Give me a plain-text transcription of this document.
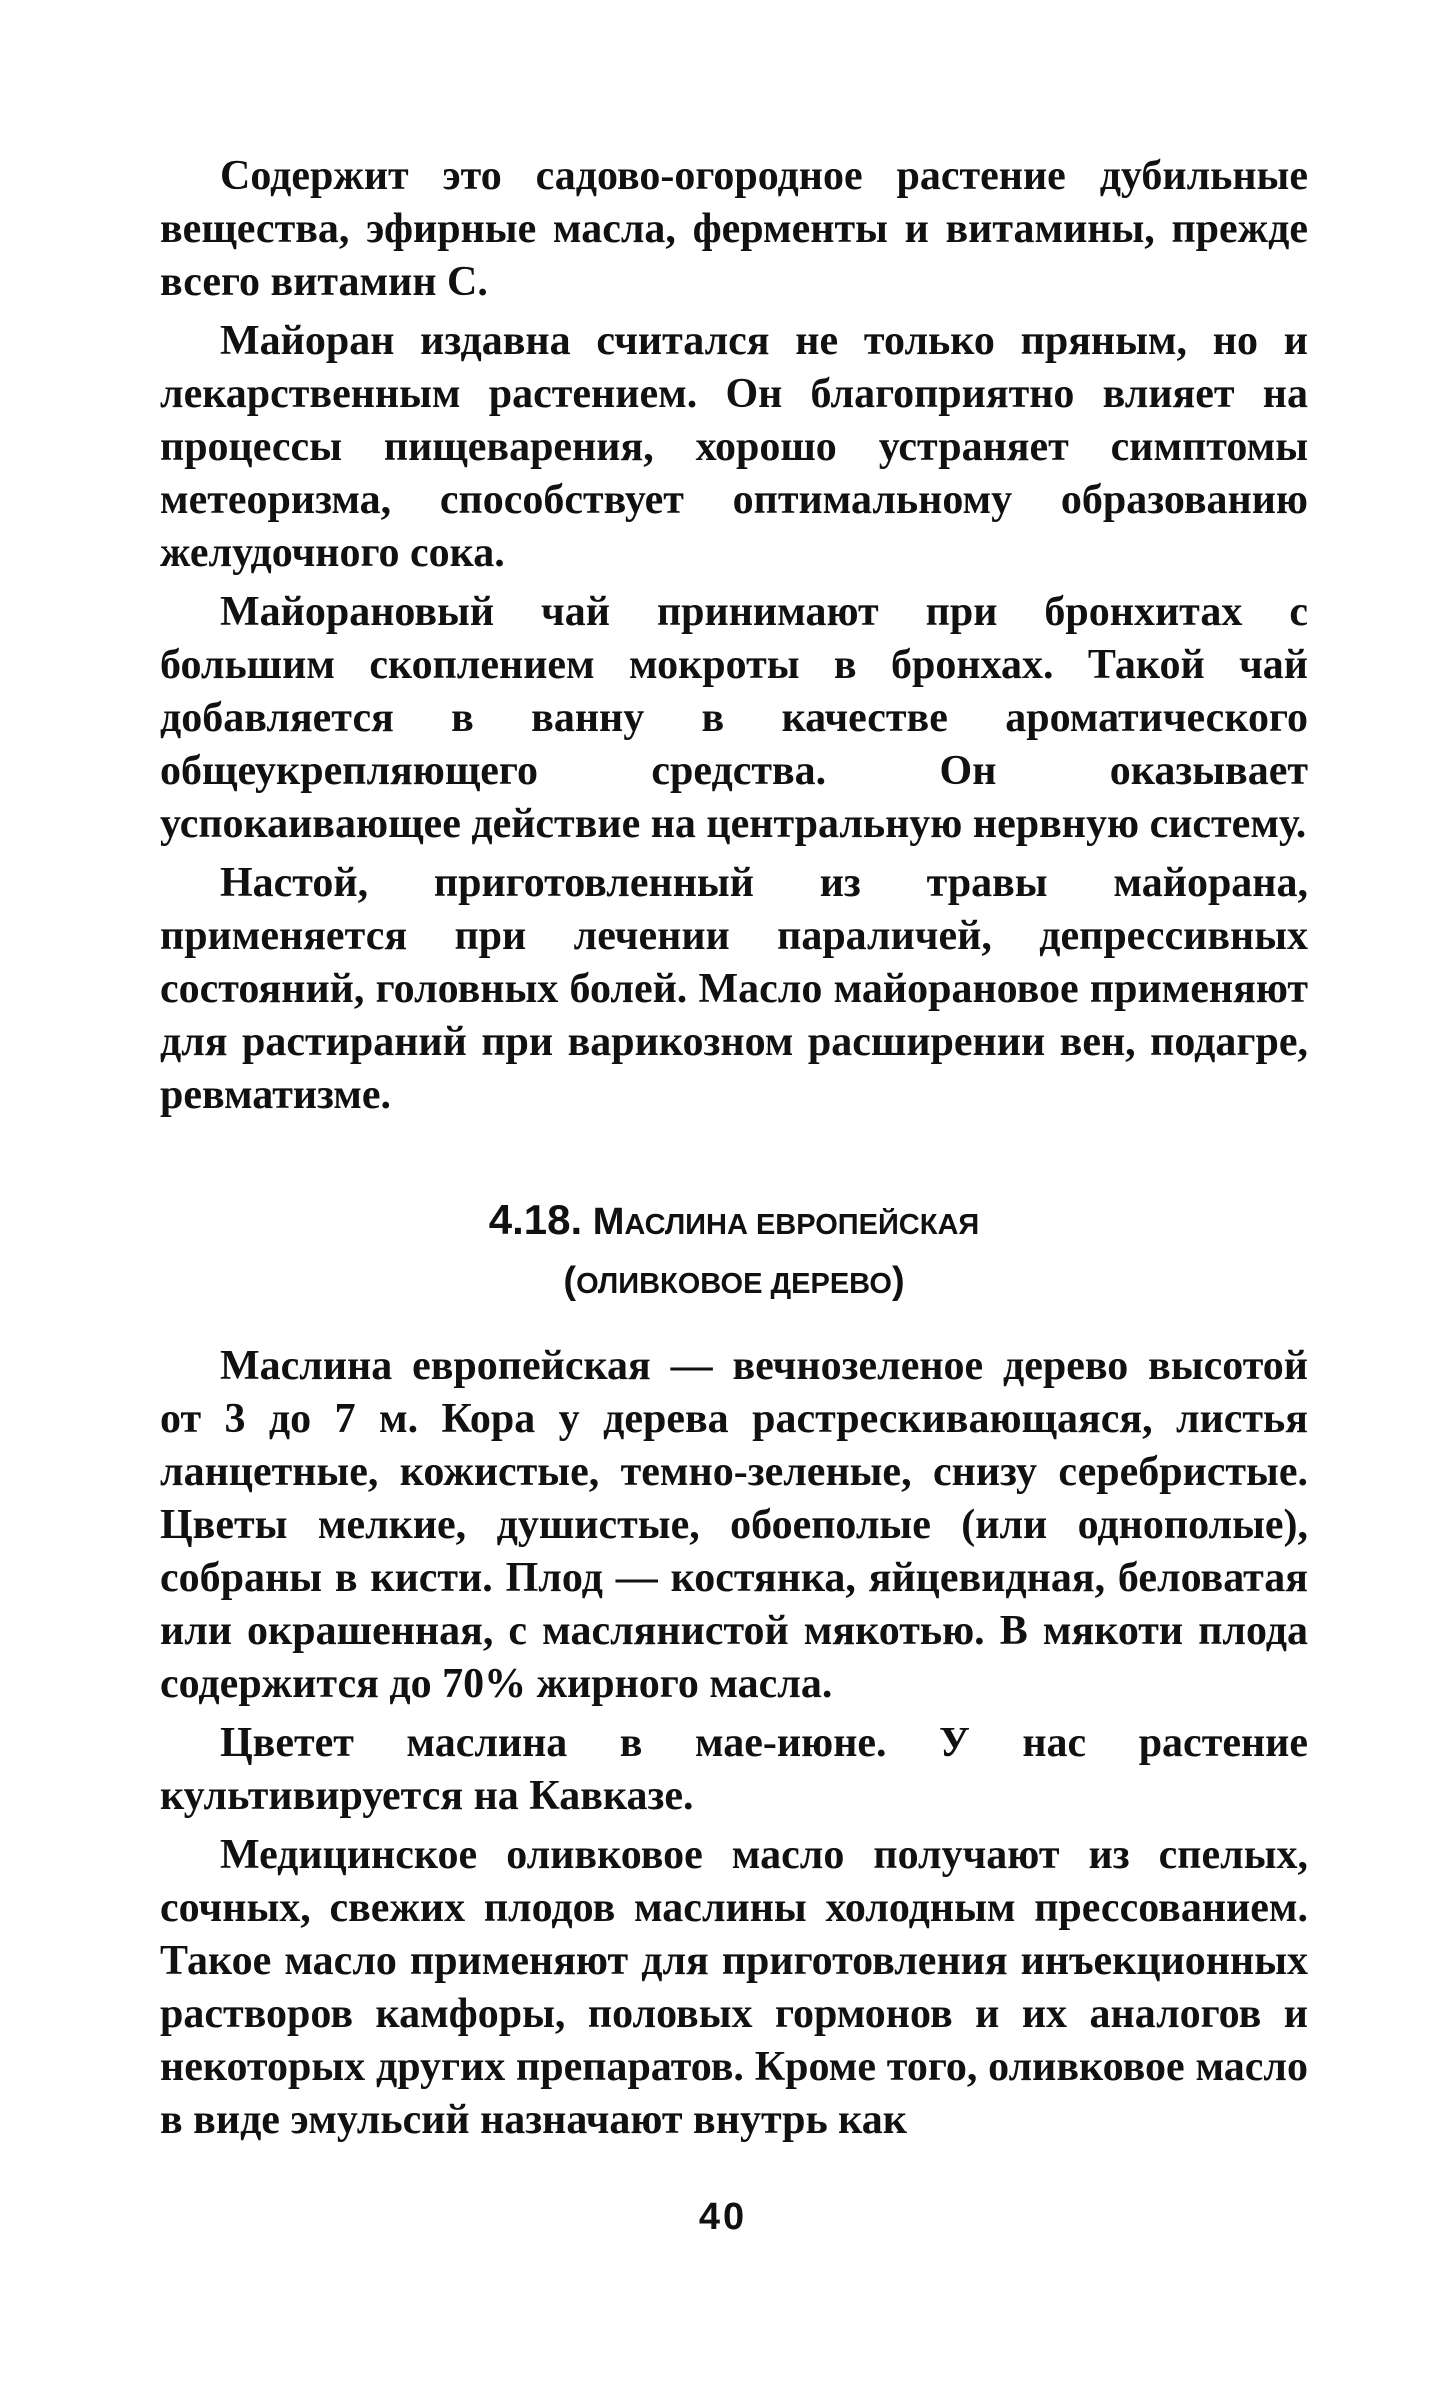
Содержит это садово-огородное растение дубильные вещества, эфирные масла, ферменты и витамины, прежде всего витамин С.

Майоран издавна считался не только пряным, но и лекарственным растением. Он благоприятно влияет на процессы пищеварения, хорошо устраняет симптомы метеоризма, способствует оптимальному образованию желудочного сока.

Майорановый чай принимают при бронхитах с большим скоплением мокроты в бронхах. Такой чай добавляется в ванну в качестве ароматического общеукрепляющего средства. Он оказывает успокаивающее действие на центральную нервную систему.

Настой, приготовленный из травы майорана, применяется при лечении параличей, депрессивных состояний, головных болей. Масло майорановое применяют для растираний при варикозном расширении вен, подагре, ревматизме.

4.18. МАСЛИНА ЕВРОПЕЙСКАЯ
(ОЛИВКОВОЕ ДЕРЕВО)

Маслина европейская — вечнозеленое дерево высотой от 3 до 7 м. Кора у дерева растрескивающаяся, листья ланцетные, кожистые, темно-зеленые, снизу серебристые. Цветы мелкие, душистые, обоеполые (или однополые), собраны в кисти. Плод — костянка, яйцевидная, беловатая или окрашенная, с маслянистой мякотью. В мякоти плода содержится до 70% жирного масла.

Цветет маслина в мае-июне. У нас растение культивируется на Кавказе.

Медицинское оливковое масло получают из спелых, сочных, свежих плодов маслины холодным прессованием. Такое масло применяют для приготовления инъекционных растворов камфоры, половых гормонов и их аналогов и некоторых других препаратов. Кроме того, оливковое масло в виде эмульсий назначают внутрь как

40
